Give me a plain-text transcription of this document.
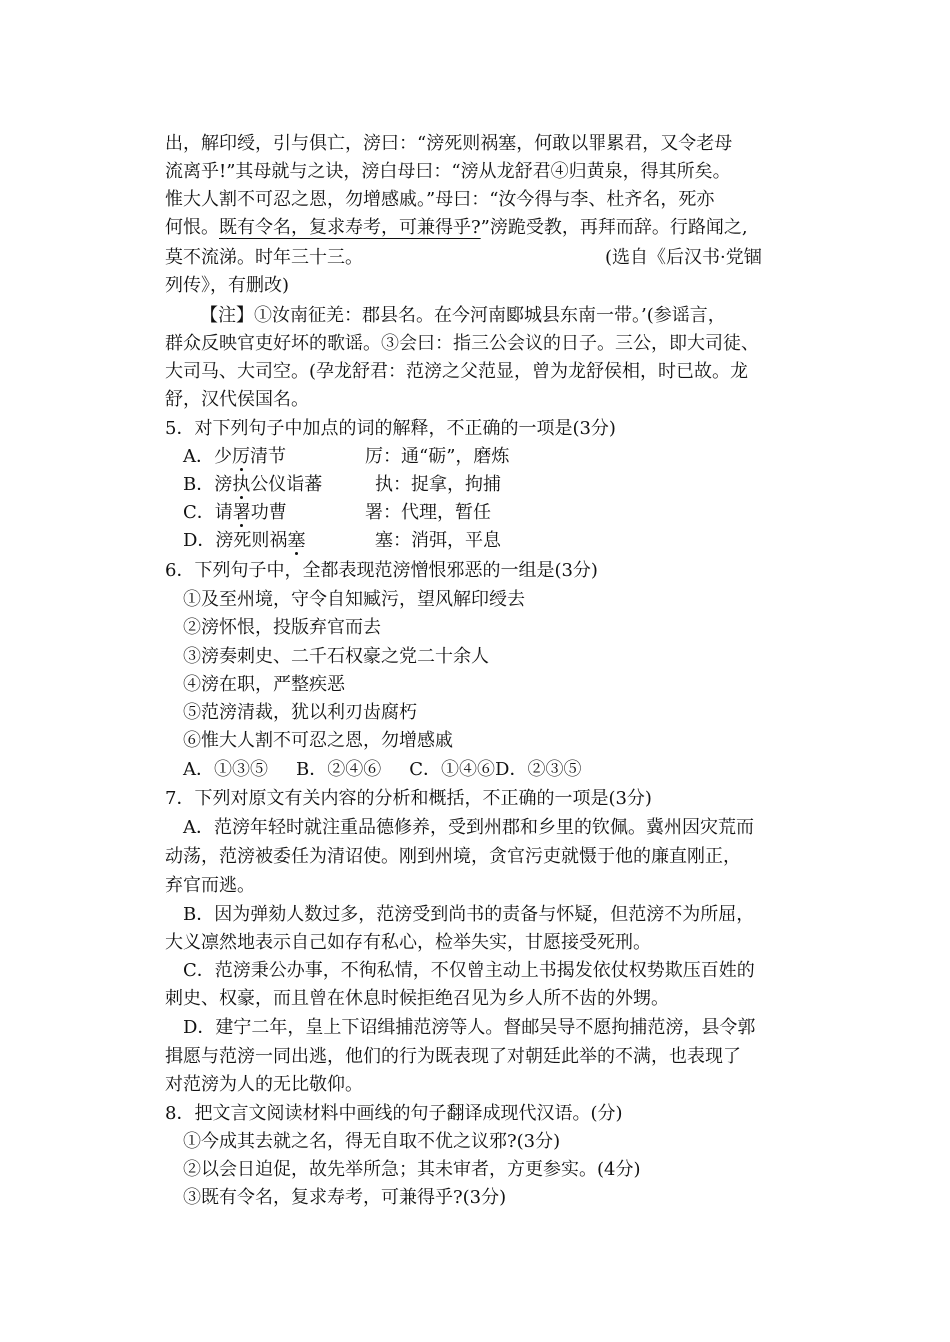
出，解印绶，引与俱亡，滂曰：“滂死则祸塞，何敢以罪累君，又令老母
流离乎!”其母就与之诀，滂白母曰：“滂从龙舒君④归黄泉，得其所矣。
惟大人割不可忍之恩，勿增感戚。”母曰：“汝今得与李、杜齐名，死亦
何恨。既有令名，复求寿考，可兼得乎?”滂跪受教，再拜而辞。行路闻之,
莫不流涕。时年三十三。	(选自《后汉书·党锢
列传》，有删改)
【注】①汝南征羌：郡县名。在今河南郾城县东南一带。’(参谣言，
群众反映官吏好坏的歌谣。③会曰：指三公会议的日子。三公，即大司徒、
大司马、大司空。(孕龙舒君：范滂之父范显，曾为龙舒侯相，时已故。龙
舒，汉代侯国名。
5．对下列句子中加点的词的解释，不正确的一项是(3分)
A．少厉清节	厉：通“砺”，磨炼
B．滂执公仪诣蕃	执：捉拿，拘捕
C．请署功曹	署：代理，暂任
D．滂死则祸塞	塞：消弭，平息
6．下列句子中，全都表现范滂憎恨邪恶的一组是(3分)
①及至州境，守令自知臧污，望风解印绶去
②滂怀恨，投版弃官而去
③滂奏刺史、二千石权豪之党二十余人
④滂在职，严整疾恶
⑤范滂清裁，犹以利刃齿腐朽
⑥惟大人割不可忍之恩，勿增感戚
A．①③⑤ B．②④⑥ C．①④⑥D．②③⑤
7．下列对原文有关内容的分析和概括，不正确的一项是(3分)
A．范滂年轻时就注重品德修养，受到州郡和乡里的钦佩。冀州因灾荒而
动荡，范滂被委任为清诏使。刚到州境，贪官污吏就慑于他的廉直刚正，
弃官而逃。
B．因为弹劾人数过多，范滂受到尚书的责备与怀疑，但范滂不为所屈，
大义凛然地表示自己如存有私心，检举失实，甘愿接受死刑。
C．范滂秉公办事，不徇私情，不仅曾主动上书揭发依仗权势欺压百姓的
刺史、权豪，而且曾在休息时候拒绝召见为乡人所不齿的外甥。
D．建宁二年，皇上下诏缉捕范滂等人。督邮吴导不愿拘捕范滂，县令郭
揖愿与范滂一同出逃，他们的行为既表现了对朝廷此举的不满，也表现了
对范滂为人的无比敬仰。
8．把文言文阅读材料中画线的句子翻译成现代汉语。(分)
①今成其去就之名，得无自取不优之议邪?(3分)
②以会日迫促，故先举所急；其未审者，方更参实。(4分)
③既有令名，复求寿考，可兼得乎?(3分)
